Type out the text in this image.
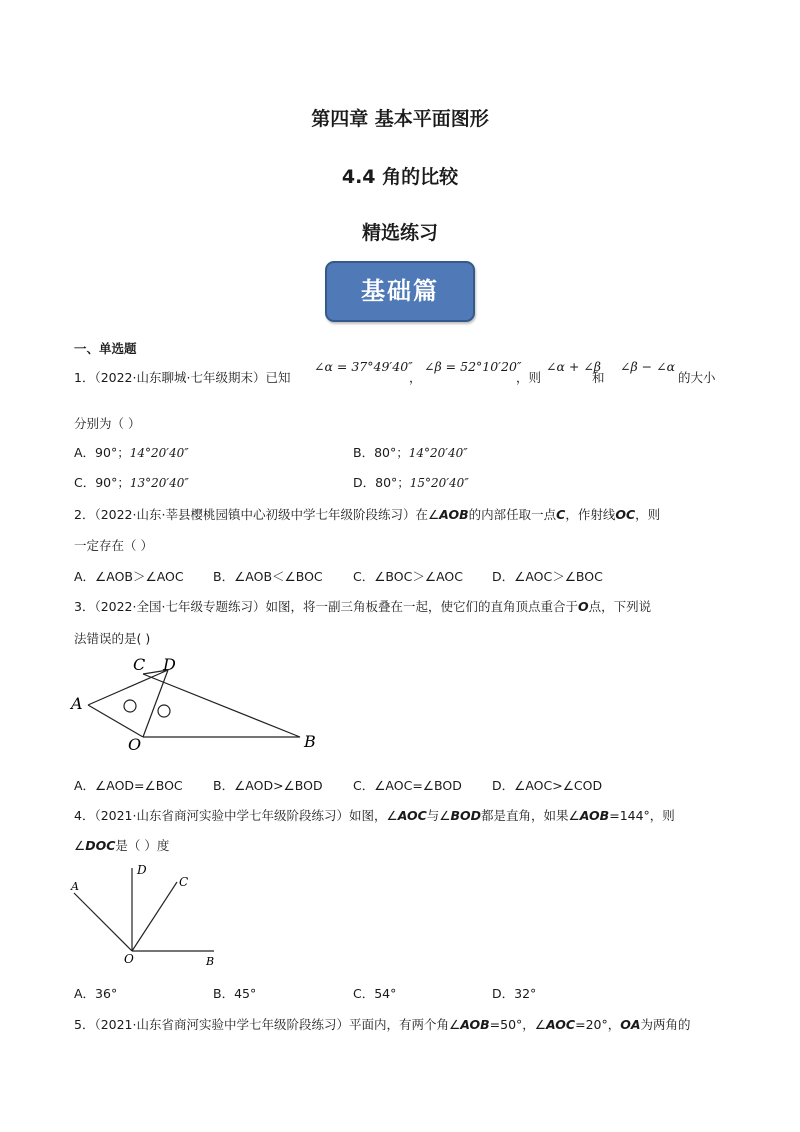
第四章 基本平面图形
4.4 角的比较
精选练习
基础篇
一、单选题
1．（2022·山东聊城·七年级期末）已知
∠α = 37°49′40″
，
∠β = 52°10′20″
，则
∠α + ∠β
和
∠β − ∠α
的大小
分别为（ ）
A．90°；14°20′40″	B．80°；14°20′40″
C．90°；13°20′40″	D．80°；15°20′40″
2．（2022·山东·莘县樱桃园镇中心初级中学七年级阶段练习）在∠AOB的内部任取一点C，作射线OC，则
一定存在（ ）
A．∠AOB＞∠AOC B．∠AOB＜∠BOC C．∠BOC＞∠AOC D．∠AOC＞∠BOC
3．（2022·全国·七年级专题练习）如图，将一副三角板叠在一起，使它们的直角顶点重合于O点，下列说
法错误的是( )
A
B
C D
O
A．∠AOD=∠BOC B．∠AOD>∠BOD C．∠AOC=∠BOD D．∠AOC>∠COD
4．（2021·山东省商河实验中学七年级阶段练习）如图，∠AOC与∠BOD都是直角，如果∠AOB=144°，则
∠DOC是（ ）度
A
B
C
D
O
A．36°	B．45°	C．54°	D．32°
5．（2021·山东省商河实验中学七年级阶段练习）平面内，有两个角∠AOB=50°，∠AOC=20°，OA为两角的
